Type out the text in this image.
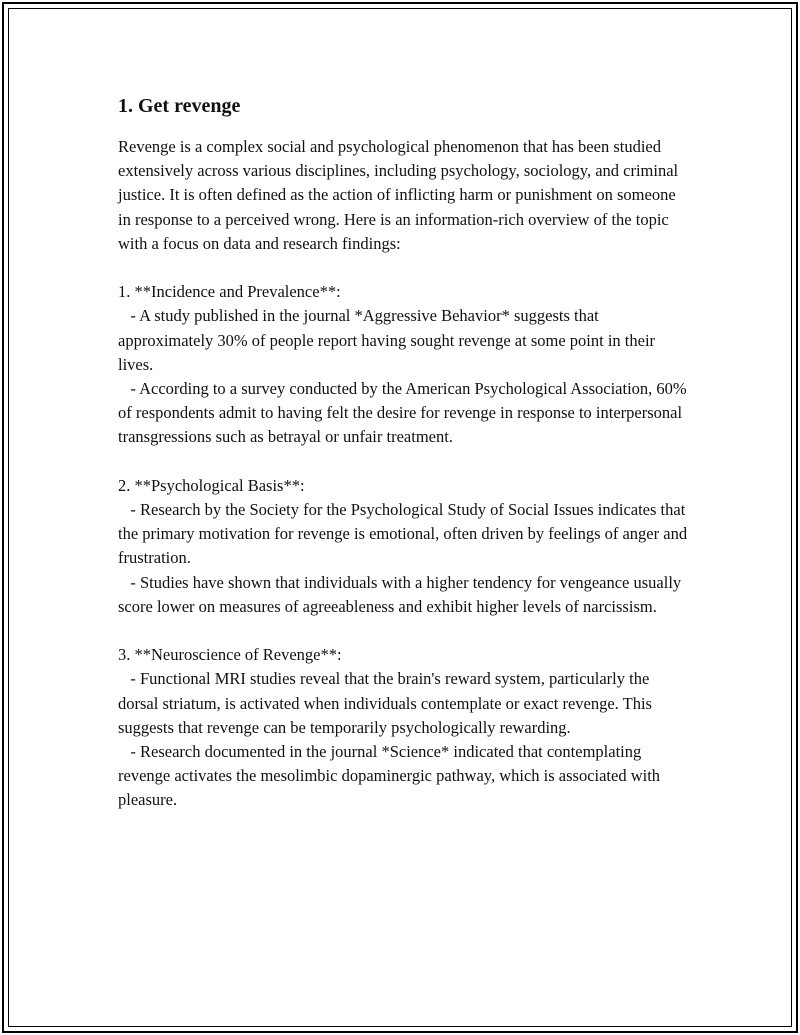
1. Get revenge

Revenge is a complex social and psychological phenomenon that has been studied extensively across various disciplines, including psychology, sociology, and criminal justice. It is often defined as the action of inflicting harm or punishment on someone in response to a perceived wrong. Here is an information-rich overview of the topic with a focus on data and research findings:

1. **Incidence and Prevalence**:

- A study published in the journal *Aggressive Behavior* suggests that approximately 30% of people report having sought revenge at some point in their lives.

- According to a survey conducted by the American Psychological Association, 60% of respondents admit to having felt the desire for revenge in response to interpersonal transgressions such as betrayal or unfair treatment.

2. **Psychological Basis**:

- Research by the Society for the Psychological Study of Social Issues indicates that the primary motivation for revenge is emotional, often driven by feelings of anger and frustration.

- Studies have shown that individuals with a higher tendency for vengeance usually score lower on measures of agreeableness and exhibit higher levels of narcissism.

3. **Neuroscience of Revenge**:

- Functional MRI studies reveal that the brain's reward system, particularly the dorsal striatum, is activated when individuals contemplate or exact revenge. This suggests that revenge can be temporarily psychologically rewarding.

- Research documented in the journal *Science* indicated that contemplating revenge activates the mesolimbic dopaminergic pathway, which is associated with pleasure.
